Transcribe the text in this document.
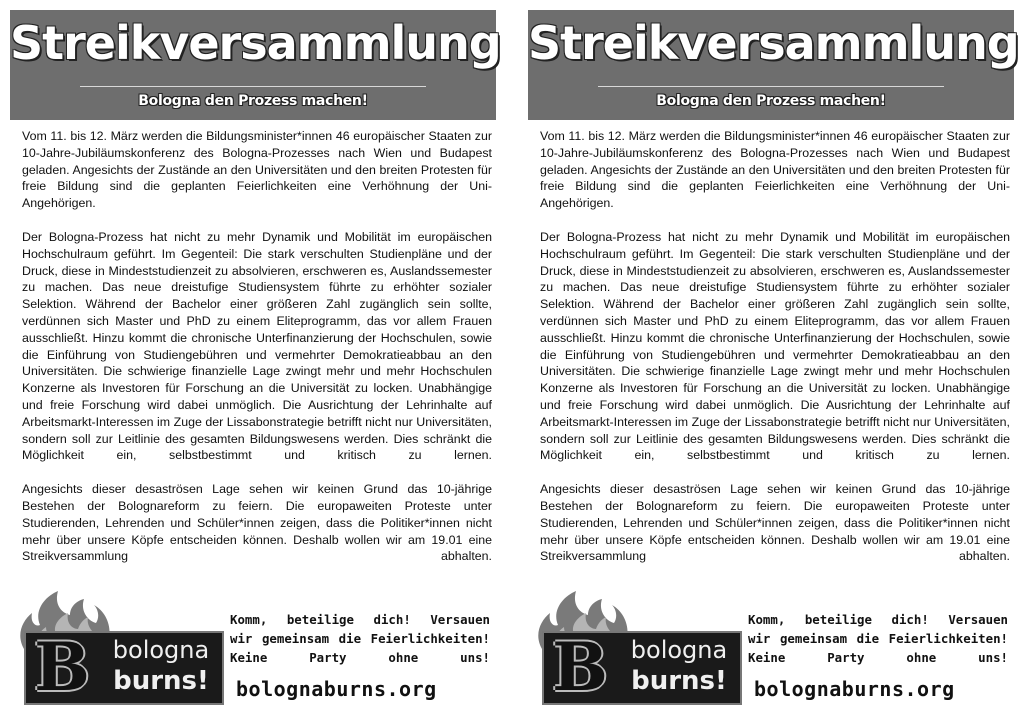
Streikversammlung
Bologna den Prozess machen!

Vom 11. bis 12. März werden die Bildungsminister*innen 46 europäischer Staaten zur 10-Jahre-Jubiläumskonferenz des Bologna-Prozesses nach Wien und Budapest geladen. Angesichts der Zustände an den Universitäten und den breiten Protesten für freie Bildung sind die geplanten Feierlichkeiten eine Verhöhnung der Uni-Angehörigen.

Der Bologna-Prozess hat nicht zu mehr Dynamik und Mobilität im europäischen Hochschulraum geführt. Im Gegenteil: Die stark verschulten Studienpläne und der Druck, diese in Mindeststudienzeit zu absolvieren, erschweren es, Auslandssemester zu machen. Das neue dreistufige Studiensystem führte zu erhöhter sozialer Selektion. Während der Bachelor einer größeren Zahl zugänglich sein sollte, verdünnen sich Master und PhD zu einem Eliteprogramm, das vor allem Frauen ausschließt. Hinzu kommt die chronische Unterfinanzierung der Hochschulen, sowie die Einführung von Studiengebühren und vermehrter Demokratieabbau an den Universitäten. Die schwierige finanzielle Lage zwingt mehr und mehr Hochschulen Konzerne als Investoren für Forschung an die Universität zu locken. Unabhängige und freie Forschung wird dabei unmöglich. Die Ausrichtung der Lehrinhalte auf Arbeitsmarkt-Interessen im Zuge der Lissabonstrategie betrifft nicht nur Universitäten, sondern soll zur Leitlinie des gesamten Bildungswesens werden. Dies schränkt die Möglichkeit ein, selbstbestimmt und kritisch zu lernen.

Angesichts dieser desaströsen Lage sehen wir keinen Grund das 10-jährige Bestehen der Bolognareform zu feiern. Die europaweiten Proteste unter Studierenden, Lehrenden und Schüler*innen zeigen, dass die Politiker*innen nicht mehr über unsere Köpfe entscheiden können. Deshalb wollen wir am 19.01 eine Streikversammlung abhalten.

B bologna
burns!
Komm, beteilige dich! Versauen
wir gemeinsam die Feierlichkeiten!
Keine Party ohne uns!
bolognaburns.org
Streikversammlung
Bologna den Prozess machen!

Vom 11. bis 12. März werden die Bildungsminister*innen 46 europäischer Staaten zur 10-Jahre-Jubiläumskonferenz des Bologna-Prozesses nach Wien und Budapest geladen. Angesichts der Zustände an den Universitäten und den breiten Protesten für freie Bildung sind die geplanten Feierlichkeiten eine Verhöhnung der Uni-Angehörigen.

Der Bologna-Prozess hat nicht zu mehr Dynamik und Mobilität im europäischen Hochschulraum geführt. Im Gegenteil: Die stark verschulten Studienpläne und der Druck, diese in Mindeststudienzeit zu absolvieren, erschweren es, Auslandssemester zu machen. Das neue dreistufige Studiensystem führte zu erhöhter sozialer Selektion. Während der Bachelor einer größeren Zahl zugänglich sein sollte, verdünnen sich Master und PhD zu einem Eliteprogramm, das vor allem Frauen ausschließt. Hinzu kommt die chronische Unterfinanzierung der Hochschulen, sowie die Einführung von Studiengebühren und vermehrter Demokratieabbau an den Universitäten. Die schwierige finanzielle Lage zwingt mehr und mehr Hochschulen Konzerne als Investoren für Forschung an die Universität zu locken. Unabhängige und freie Forschung wird dabei unmöglich. Die Ausrichtung der Lehrinhalte auf Arbeitsmarkt-Interessen im Zuge der Lissabonstrategie betrifft nicht nur Universitäten, sondern soll zur Leitlinie des gesamten Bildungswesens werden. Dies schränkt die Möglichkeit ein, selbstbestimmt und kritisch zu lernen.

Angesichts dieser desaströsen Lage sehen wir keinen Grund das 10-jährige Bestehen der Bolognareform zu feiern. Die europaweiten Proteste unter Studierenden, Lehrenden und Schüler*innen zeigen, dass die Politiker*innen nicht mehr über unsere Köpfe entscheiden können. Deshalb wollen wir am 19.01 eine Streikversammlung abhalten.

B bologna
burns!
Komm, beteilige dich! Versauen
wir gemeinsam die Feierlichkeiten!
Keine Party ohne uns!
bolognaburns.org
